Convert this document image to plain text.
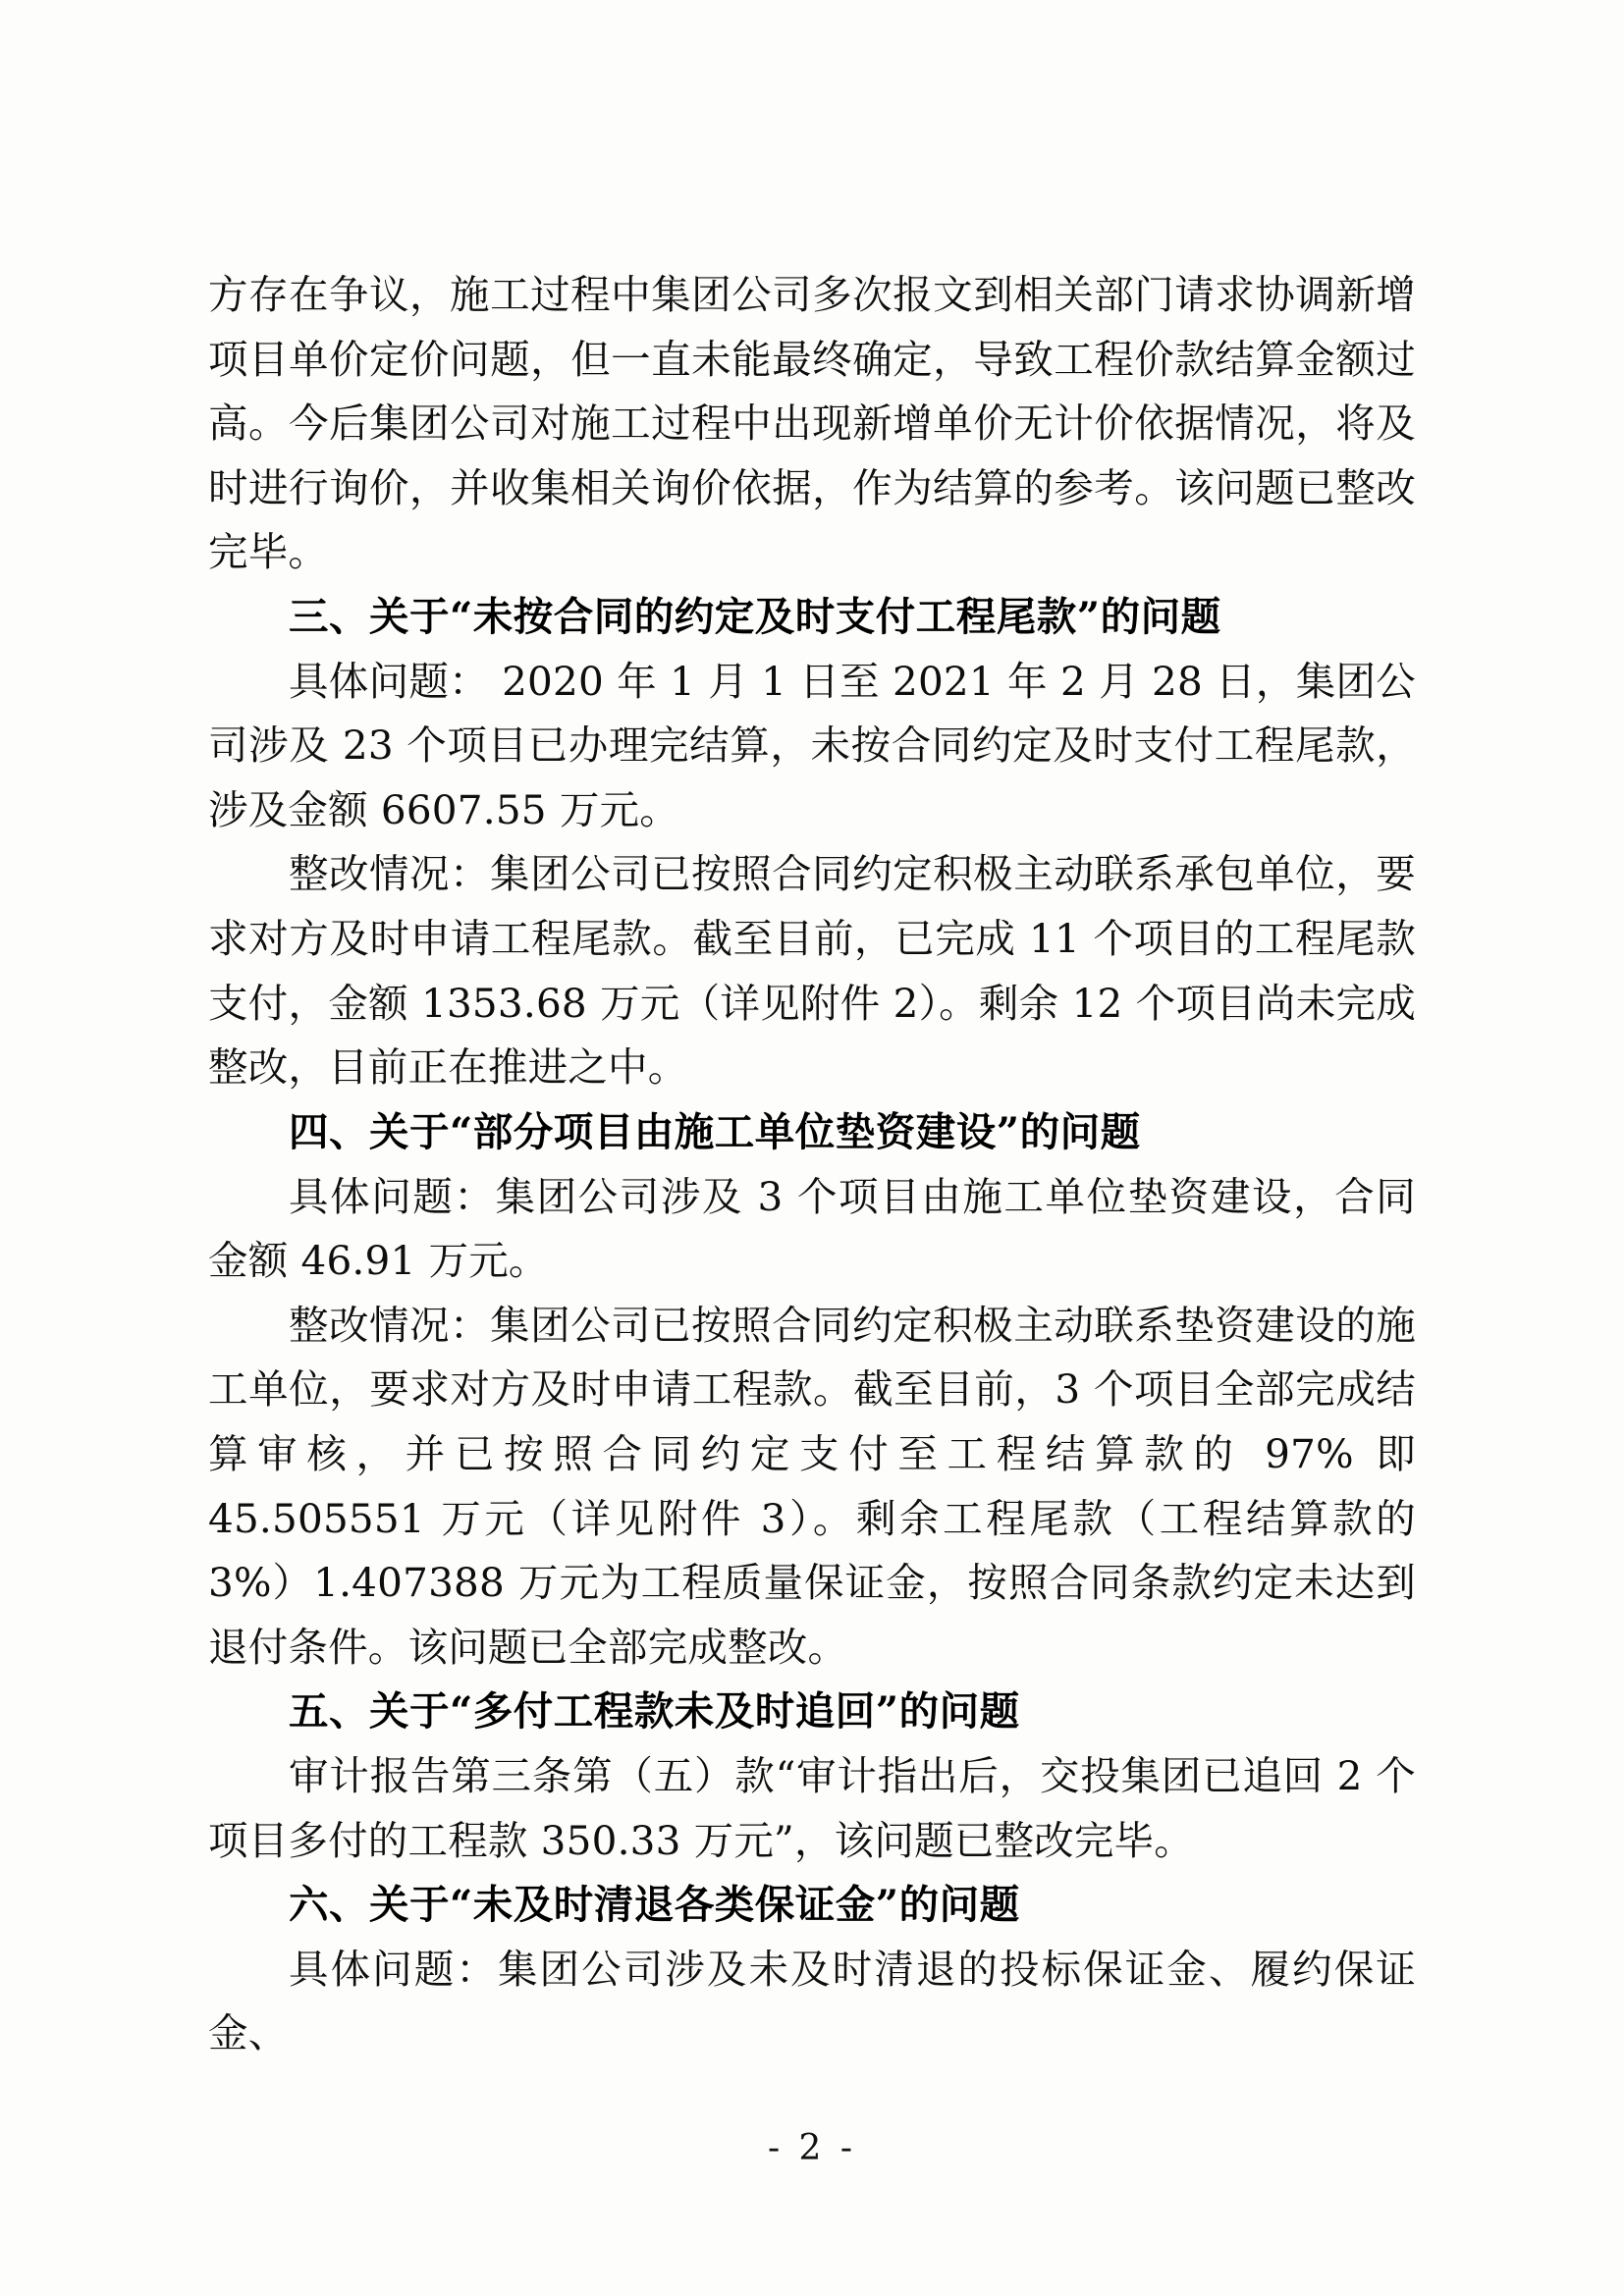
方存在争议，施工过程中集团公司多次报文到相关部门请求协调新增项目单价定价问题，但一直未能最终确定，导致工程价款结算金额过高。今后集团公司对施工过程中出现新增单价无计价依据情况，将及时进行询价，并收集相关询价依据，作为结算的参考。该问题已整改完毕。

三、关于“未按合同的约定及时支付工程尾款”的问题

具体问题： 2020 年 1 月 1 日至 2021 年 2 月 28 日，集团公司涉及 23 个项目已办理完结算，未按合同约定及时支付工程尾款，涉及金额 6607.55 万元。

整改情况：集团公司已按照合同约定积极主动联系承包单位，要求对方及时申请工程尾款。截至目前，已完成 11 个项目的工程尾款支付，金额 1353.68 万元（详见附件 2）。剩余 12 个项目尚未完成整改，目前正在推进之中。

四、关于“部分项目由施工单位垫资建设”的问题

具体问题：集团公司涉及 3 个项目由施工单位垫资建设，合同金额 46.91 万元。

整改情况：集团公司已按照合同约定积极主动联系垫资建设的施工单位，要求对方及时申请工程款。截至目前，3 个项目全部完成结算审核，并已按照合同约定支付至工程结算款的 97% 即 45.505551 万元（详见附件 3）。剩余工程尾款（工程结算款的 3%）1.407388 万元为工程质量保证金，按照合同条款约定未达到退付条件。该问题已全部完成整改。

五、关于“多付工程款未及时追回”的问题

审计报告第三条第（五）款“审计指出后，交投集团已追回 2 个项目多付的工程款 350.33 万元”，该问题已整改完毕。

六、关于“未及时清退各类保证金”的问题

具体问题：集团公司涉及未及时清退的投标保证金、履约保证金、

- 2 -
